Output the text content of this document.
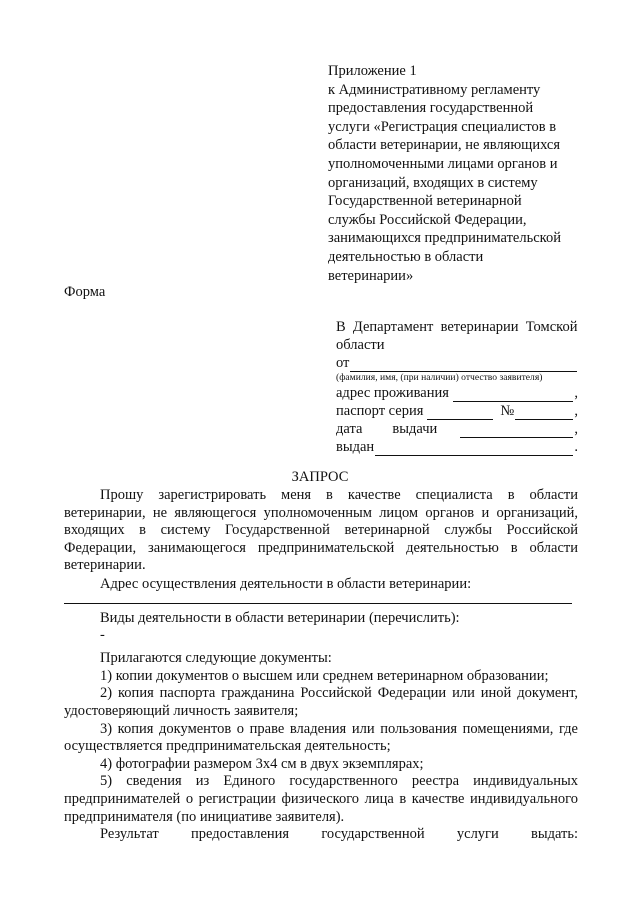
Приложение 1
к Административному регламенту
предоставления государственной
услуги «Регистрация специалистов в
области ветеринарии, не являющихся
уполномоченными лицами органов и
организаций, входящих в систему
Государственной ветеринарной
службы Российской Федерации,
занимающихся предпринимательской
деятельностью в области
ветеринарии»
Форма
В  Департамент  ветеринарии  Томской
области
от
(фамилия, имя, (при наличии) отчество заявителя)
адрес проживания	,
паспорт серия	№	,
дата выдачи	,
выдан	.
ЗАПРОС
Прошу зарегистрировать меня в качестве специалиста в области ветеринарии, не являющегося уполномоченным лицом органов и организаций, входящих в систему Государственной ветеринарной службы Российской Федерации, занимающегося предпринимательской деятельностью в области ветеринарии.
Адрес осуществления деятельности в области ветеринарии:
Виды деятельности в области ветеринарии (перечислить):
-
Прилагаются следующие документы:
1) копии документов о высшем или среднем ветеринарном образовании;
2) копия паспорта гражданина Российской Федерации или иной документ, удостоверяющий личность заявителя;
3) копия документов о праве владения или пользования помещениями, где осуществляется предпринимательская деятельность;
4) фотографии размером 3х4 см в двух экземплярах;
5) сведения из Единого государственного реестра индивидуальных предпринимателей о регистрации физического лица в качестве индивидуального предпринимателя (по инициативе заявителя).
Результат предоставления государственной услуги выдать:
